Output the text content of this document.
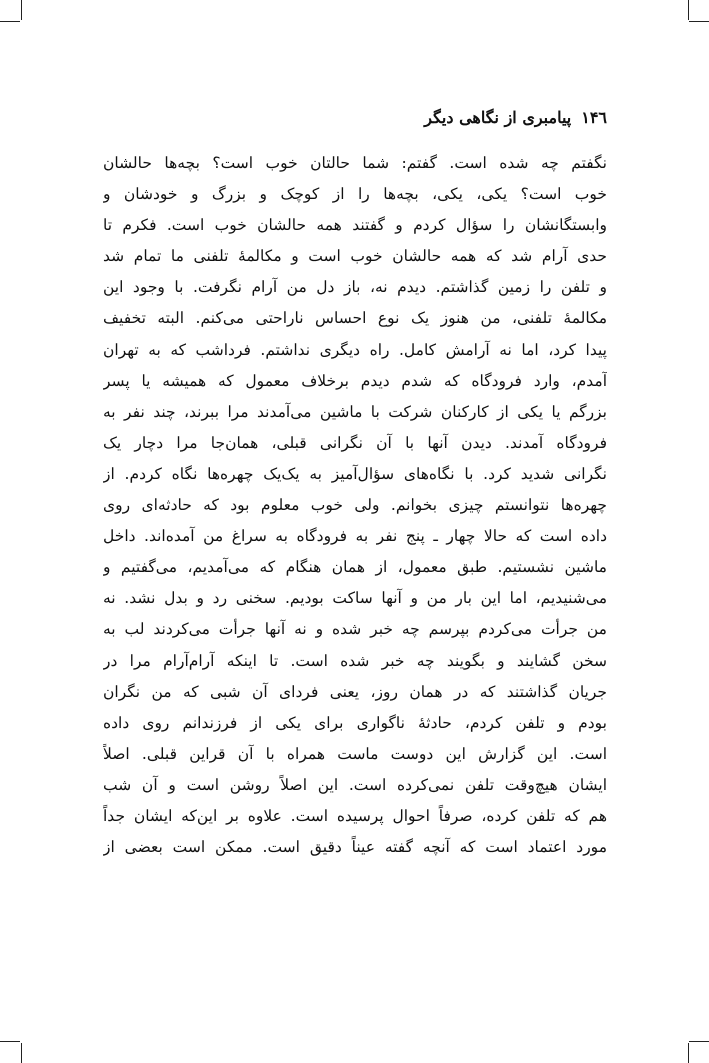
۱۴٦
پیامبری از نگاهی دیگر
نگفتم چه شده است. گفتم: شما حالتان خوب است؟ بچه‌ها حالشان
خوب است؟ یکی، یکی، بچه‌ها را از کوچک و بزرگ و خودشان و
وابستگانشان را سؤال کردم و گفتند همه حالشان خوب است. فکرم تا
حدی آرام شد که همه حالشان خوب است و مکالمهٔ تلفنی ما تمام شد
و تلفن را زمین گذاشتم. دیدم نه، باز دل من آرام نگرفت. با وجود این
مکالمهٔ تلفنی، من هنوز یک نوع احساس ناراحتی می‌کنم. البته تخفیف
پیدا کرد، اما نه آرامش کامل. راه دیگری نداشتم. فرداشب که به تهران
آمدم، وارد فرودگاه که شدم دیدم برخلاف معمول که همیشه یا پسر
بزرگم یا یکی از کارکنان شرکت با ماشین می‌آمدند مرا ببرند، چند نفر به
فرودگاه آمدند. دیدن آنها با آن نگرانی قبلی، همان‌جا مرا دچار یک
نگرانی شدید کرد. با نگاه‌های سؤال‌آمیز به یک‌یک چهره‌ها نگاه کردم. از
چهره‌ها نتوانستم چیزی بخوانم. ولی خوب معلوم بود که حادثه‌ای روی
داده است که حالا چهار ـ پنج نفر به فرودگاه به سراغ من آمده‌اند. داخل
ماشین نشستیم. طبق معمول، از همان هنگام که می‌آمدیم، می‌گفتیم و
می‌شنیدیم، اما این بار من و آنها ساکت بودیم. سخنی رد و بدل نشد. نه
من جرأت می‌کردم بپرسم چه خبر شده و نه آنها جرأت می‌کردند لب به
سخن گشایند و بگویند چه خبر شده است. تا اینکه آرام‌آرام مرا در
جریان گذاشتند که در همان روز، یعنی فردای آن شبی که من نگران
بودم و تلفن کردم، حادثهٔ ناگواری برای یکی از فرزندانم روی داده
است. این گزارش این دوست ماست همراه با آن قراین قبلی. اصلاً
ایشان هیچ‌وقت تلفن نمی‌کرده است. این اصلاً روشن است و آن شب
هم که تلفن کرده، صرفاً احوال پرسیده است. علاوه بر این‌که ایشان جداً
مورد اعتماد است که آنچه گفته عیناً دقیق است. ممکن است بعضی از
